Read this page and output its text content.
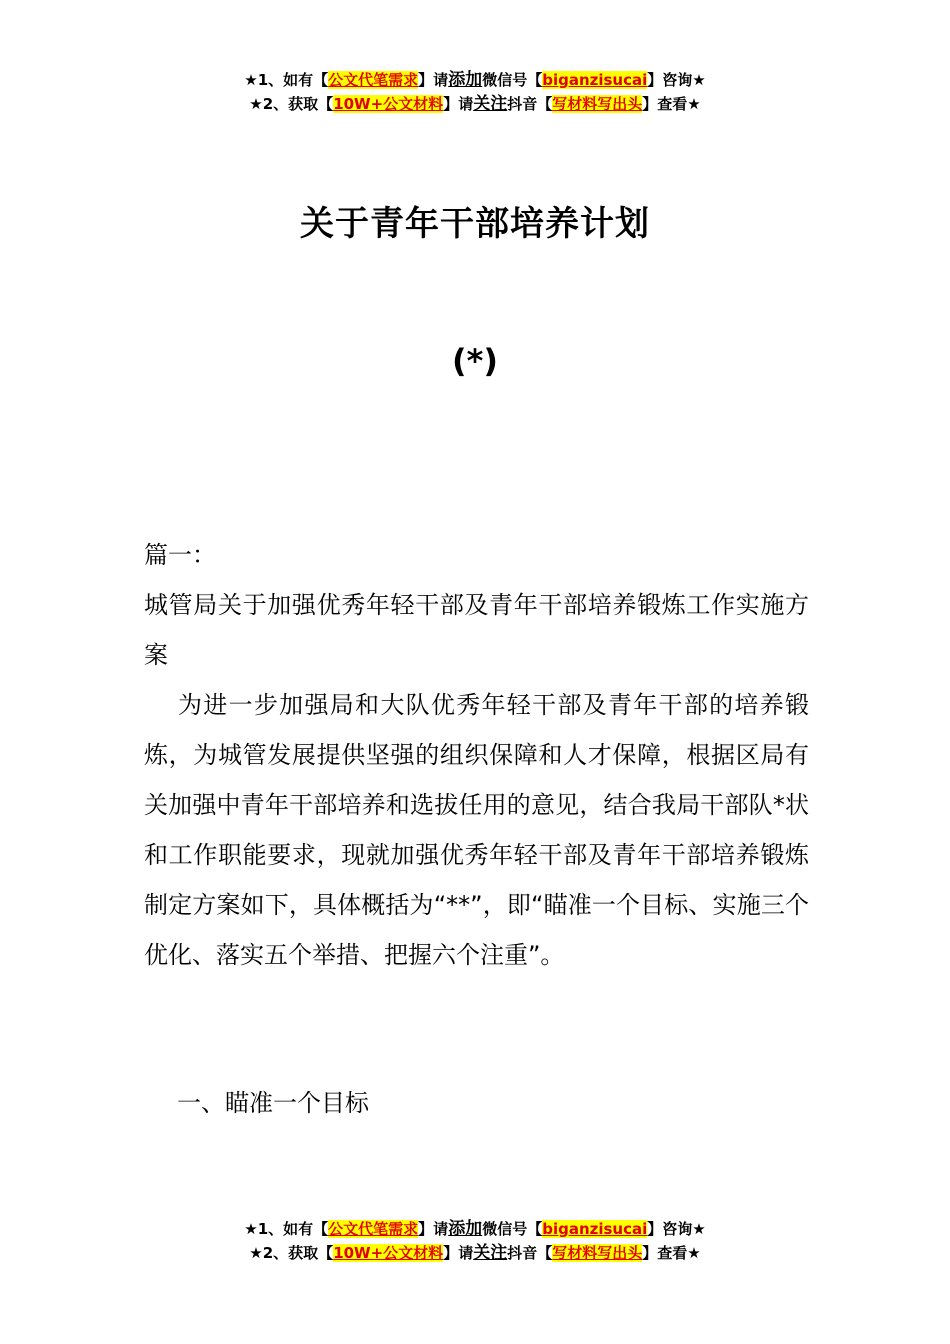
★1、如有【公文代笔需求】请添加微信号【biganzisucai】咨询★
★2、获取【10W+公文材料】请关注抖音【写材料写出头】查看★
关于青年干部培养计划
(*)

篇一：

城管局关于加强优秀年轻干部及青年干部培养锻炼工作实施方案

为进一步加强局和大队优秀年轻干部及青年干部的培养锻炼，为城管发展提供坚强的组织保障和人才保障，根据区局有关加强中青年干部培养和选拔任用的意见，结合我局干部队*状和工作职能要求，现就加强优秀年轻干部及青年干部培养锻炼制定方案如下，具体概括为“**”，即“瞄准一个目标、实施三个优化、落实五个举措、把握六个注重”。

一、瞄准一个目标
★1、如有【公文代笔需求】请添加微信号【biganzisucai】咨询★
★2、获取【10W+公文材料】请关注抖音【写材料写出头】查看★
